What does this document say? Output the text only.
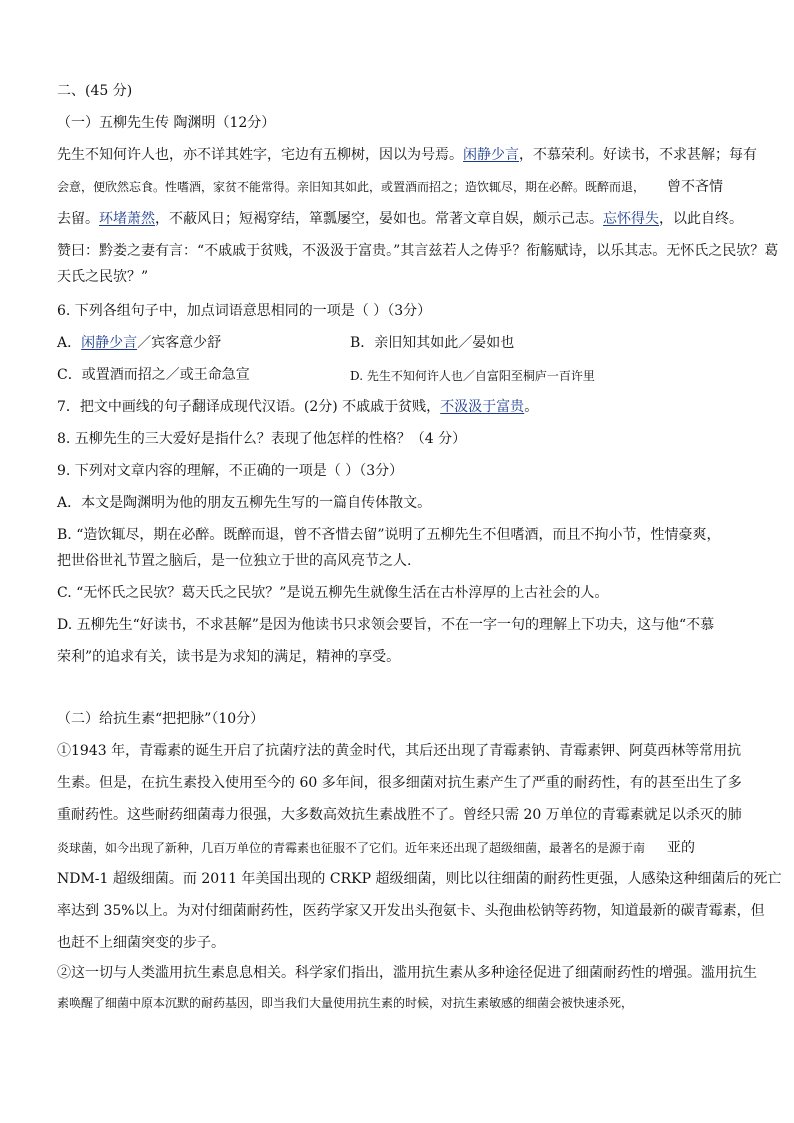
二、(45 分)
（一）五柳先生传 陶渊明（12分）
先生不知何许人也，亦不详其姓字，宅边有五柳树，因以为号焉。闲静少言，不慕荣利。好读书，不求甚解；每有
会意，便欣然忘食。性嗜酒，家贫不能常得。亲旧知其如此，或置酒而招之；造饮辄尽，期在必醉。既醉而退， 曾不吝情
去留。环堵萧然，不蔽风日；短褐穿结，箪瓢屡空，晏如也。常著文章自娱，颇示己志。忘怀得失，以此自终。
赞曰：黔娄之妻有言：“不戚戚于贫贱，不汲汲于富贵。”其言兹若人之俦乎？衔觞赋诗，以乐其志。无怀氏之民欤？葛
天氏之民欤？”
6. 下列各组句子中，加点词语意思相同的一项是（ ）（3分）
A．闲静少言／宾客意少舒	B．亲旧知其如此／晏如也
C．或置酒而招之／或王命急宣	D. 先生不知何许人也／自富阳至桐庐一百许里
7．把文中画线的句子翻译成现代汉语。(2分) 不戚戚于贫贱，不汲汲于富贵。
8. 五柳先生的三大爱好是指什么？表现了他怎样的性格？（4 分）
9. 下列对文章内容的理解，不正确的一项是（ ）（3分）
A．本文是陶渊明为他的朋友五柳先生写的一篇自传体散文。
B. “造饮辄尽，期在必醉。既醉而退，曾不吝惜去留”说明了五柳先生不但嗜酒，而且不拘小节，性情豪爽，
把世俗世礼节置之脑后，是一位独立于世的高风亮节之人.
C. “无怀氏之民欤？葛天氏之民欤？”是说五柳先生就像生活在古朴淳厚的上古社会的人。
D. 五柳先生“好读书，不求甚解”是因为他读书只求领会要旨，不在一字一句的理解上下功夫，这与他“不慕
荣利”的追求有关，读书是为求知的满足，精神的享受。
（二）给抗生素“把把脉”（10分）
①1943 年，青霉素的诞生开启了抗菌疗法的黄金时代，其后还出现了青霉素钠、青霉素钾、阿莫西林等常用抗
生素。但是，在抗生素投入使用至今的 60 多年间，很多细菌对抗生素产生了严重的耐药性，有的甚至出生了多
重耐药性。这些耐药细菌毒力很强，大多数高效抗生素战胜不了。曾经只需 20 万单位的青霉素就足以杀灭的肺
炎球菌，如今出现了新种，几百万单位的青霉素也征服不了它们。近年来还出现了超级细菌，最著名的是源于南 亚的
NDM-1 超级细菌。而 2011 年美国出现的 CRKP 超级细菌，则比以往细菌的耐药性更强，人感染这种细菌后的死亡
率达到 35%以上。为对付细菌耐药性，医药学家又开发出头孢氨卡、头孢曲松钠等药物，知道最新的碳青霉素，但
也赶不上细菌突变的步子。
②这一切与人类滥用抗生素息息相关。科学家们指出，滥用抗生素从多种途径促进了细菌耐药性的增强。滥用抗生
素唤醒了细菌中原本沉默的耐药基因，即当我们大量使用抗生素的时候，对抗生素敏感的细菌会被快速杀死，
